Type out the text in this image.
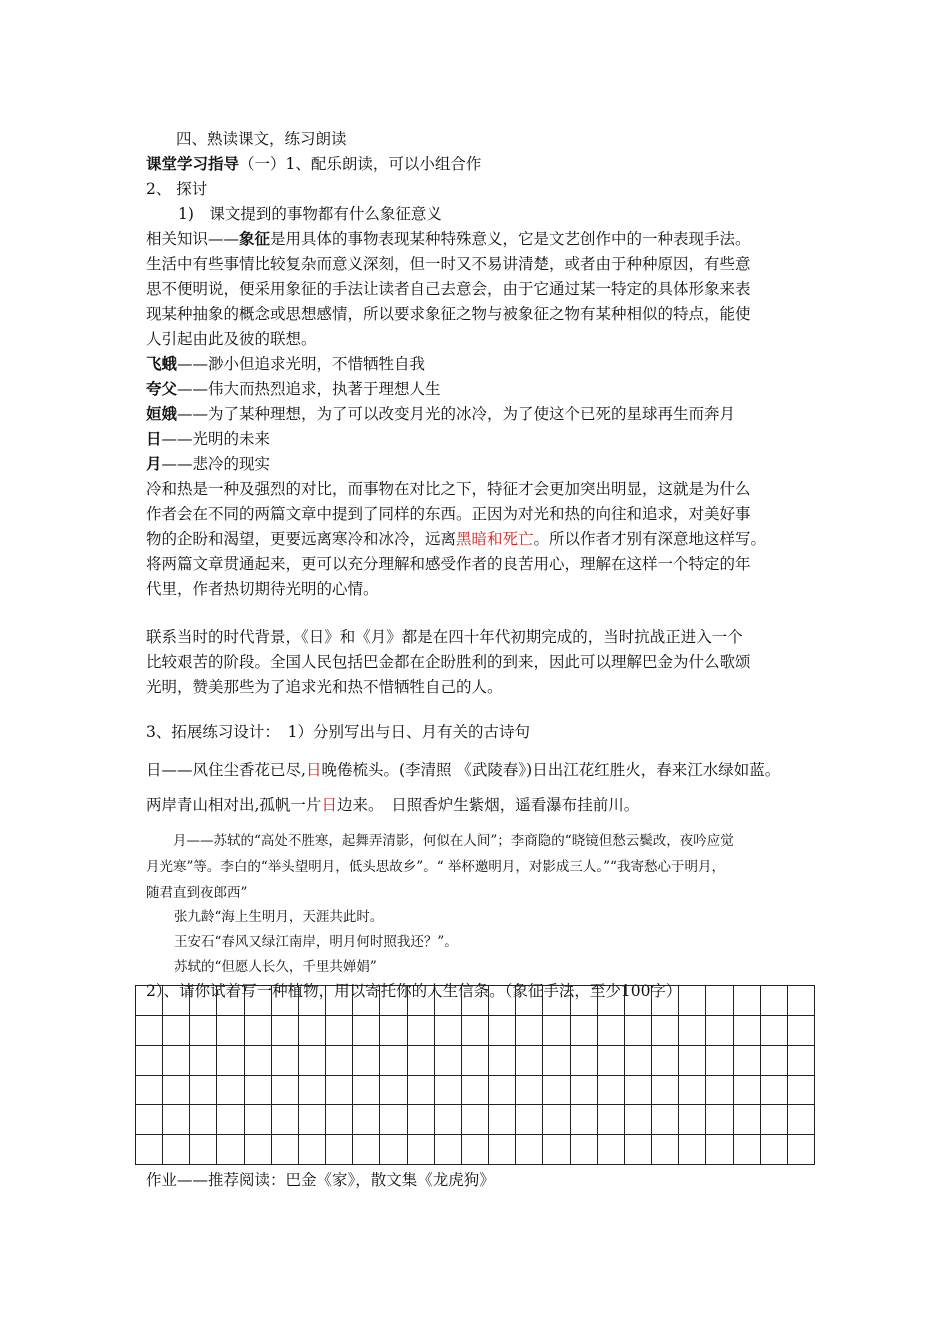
四、熟读课文，练习朗读
课堂学习指导（一）1、配乐朗读，可以小组合作
2、 探讨
1)　课文提到的事物都有什么象征意义
相关知识——象征是用具体的事物表现某种特殊意义，它是文艺创作中的一种表现手法。
生活中有些事情比较复杂而意义深刻，但一时又不易讲清楚，或者由于种种原因，有些意
思不便明说，便采用象征的手法让读者自己去意会，由于它通过某一特定的具体形象来表
现某种抽象的概念或思想感情，所以要求象征之物与被象征之物有某种相似的特点，能使
人引起由此及彼的联想。
飞蛾——渺小但追求光明，不惜牺牲自我
夸父——伟大而热烈追求，执著于理想人生
姮娥——为了某种理想，为了可以改变月光的冰冷，为了使这个已死的星球再生而奔月
日——光明的未来
月——悲冷的现实
冷和热是一种及强烈的对比，而事物在对比之下，特征才会更加突出明显，这就是为什么
作者会在不同的两篇文章中提到了同样的东西。正因为对光和热的向往和追求，对美好事
物的企盼和渴望，更要远离寒冷和冰冷，远离黑暗和死亡。所以作者才别有深意地这样写。
将两篇文章贯通起来，更可以充分理解和感受作者的良苦用心，理解在这样一个特定的年
代里，作者热切期待光明的心情。
联系当时的时代背景，《日》和《月》都是在四十年代初期完成的，当时抗战正进入一个
比较艰苦的阶段。全国人民包括巴金都在企盼胜利的到来，因此可以理解巴金为什么歌颂
光明，赞美那些为了追求光和热不惜牺牲自己的人。
3、拓展练习设计：　1）分别写出与日、月有关的古诗句
日——风住尘香花已尽,日晚倦梳头。(李清照 《武陵春》)日出江花红胜火，春来江水绿如蓝。
两岸青山相对出,孤帆一片日边来。　日照香炉生紫烟，遥看瀑布挂前川。
　　月——苏轼的“高处不胜寒，起舞弄清影，何似在人间”；李商隐的“晓镜但愁云鬓改，夜吟应觉
月光寒”等。李白的“举头望明月，低头思故乡”。“ 举杯邀明月，对影成三人。”“我寄愁心于明月，
随君直到夜郎西”
张九龄“海上生明月，天涯共此时。
王安石“春风又绿江南岸，明月何时照我还？”。
苏轼的“但愿人长久，千里共婵娟”
2）、请你试着写一种植物，用以寄托你的人生信条。（象征手法，至少100字）
作业——推荐阅读：巴金《家》，散文集《龙虎狗》
